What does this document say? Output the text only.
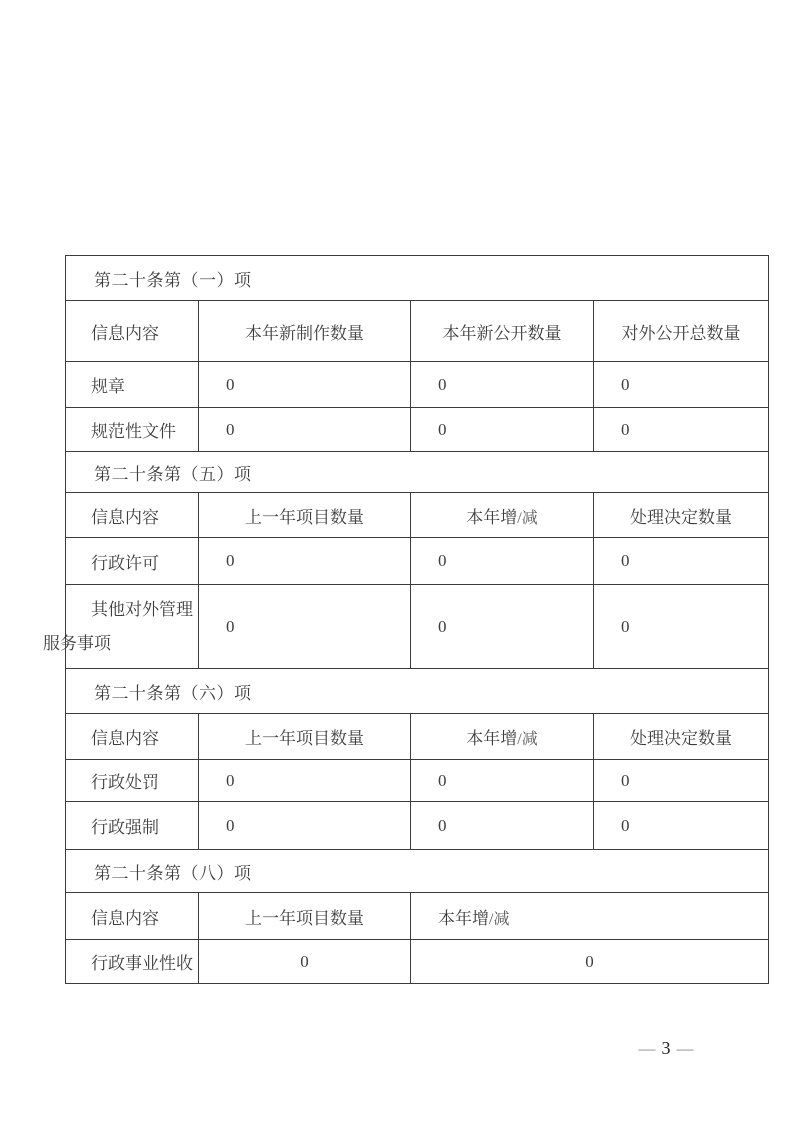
第二十条第（一）项			
信息内容	本年新制作数量	本年新公开数量	对外公开总数量
规章	0	0	0
规范性文件	0	0	0
第二十条第（五）项			
信息内容	上一年项目数量	本年增/减	处理决定数量
行政许可	0	0	0

其他对外管理
服务事项	0	0	0
第二十条第（六）项			
信息内容	上一年项目数量	本年增/减	处理决定数量
行政处罚	0	0	0
行政强制	0	0	0
第二十条第（八）项			
信息内容	上一年项目数量	本年增/减	
行政事业性收	0	0	
— 3 —
